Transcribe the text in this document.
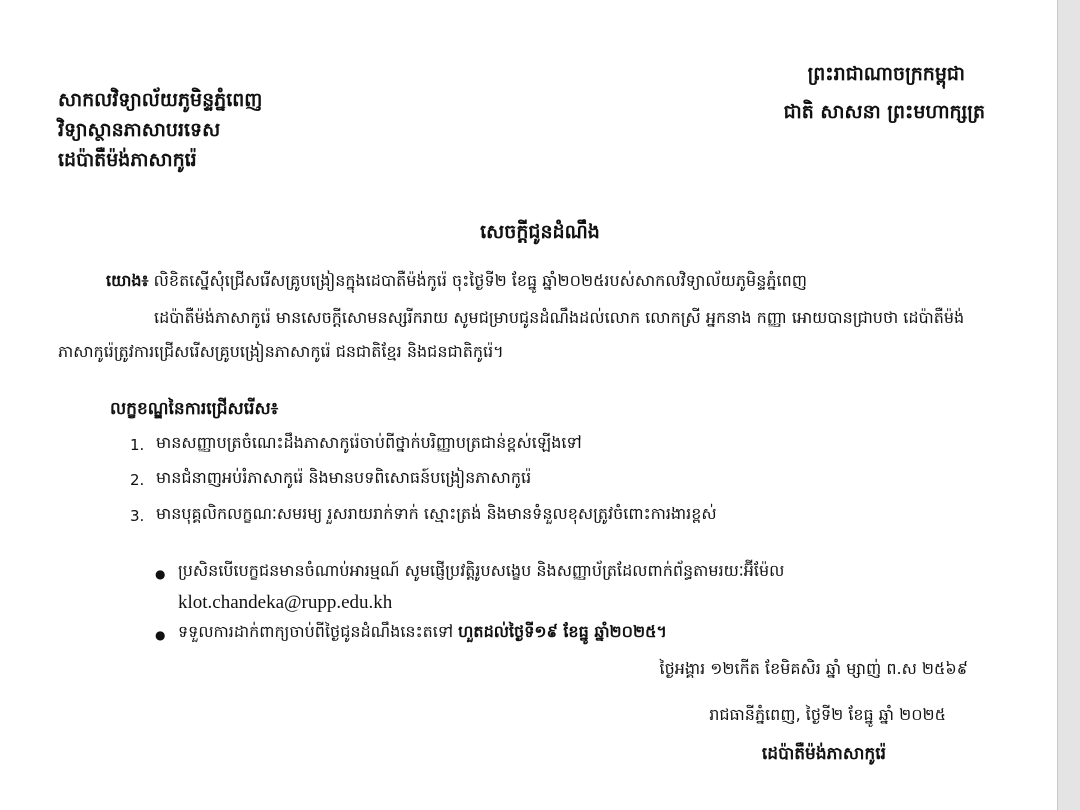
ព្រះរាជាណាចក្រកម្ពុជា
ជាតិ សាសនា ព្រះមហាក្សត្រ
សាកលវិទ្យាល័យភូមិន្ទភ្នំពេញ
វិទ្យាស្ថានភាសាបរទេស
ដេប៉ាតឺម៉ង់ភាសាកូរ៉េ
សេចក្ដីជូនដំណឹង
យោង៖ លិខិតស្នើសុំជ្រើសរើសគ្រូបង្រៀនក្នុងដេបាតឺម៉ង់កូរ៉េ ចុះថ្ងៃទី២ ខែធ្នូ ឆ្នាំ២០២៥របស់សាកលវិទ្យាល័យភូមិន្ទភ្នំពេញ
ដេប៉ាតឺម៉ង់ភាសាកូរ៉េ មានសេចក្ដីសោមនស្សរីករាយ សូមជម្រាបជូនដំណឹងដល់លោក លោកស្រី អ្នកនាង កញ្ញា អោយបានជ្រាបថា ដេប៉ាតឺម៉ង់
ភាសាកូរ៉េត្រូវការជ្រើសរើសគ្រូបង្រៀនភាសាកូរ៉េ ជនជាតិខ្មែរ និងជនជាតិកូរ៉េ។
លក្ខខណ្ឌនៃការជ្រើសរើស៖
1. មានសញ្ញាបត្រចំណេះដឹងភាសាកូរ៉េចាប់ពីថ្នាក់បរិញ្ញាបត្រជាន់ខ្ពស់ឡើងទៅ
2. មានជំនាញអប់រំភាសាកូរ៉េ និងមានបទពិសោធន៍បង្រៀនភាសាកូរ៉េ
3. មានបុគ្គលិកលក្ខណៈសមរម្យ រួសរាយរាក់ទាក់ ស្មោះត្រង់ និងមានទំនួលខុសត្រូវចំពោះការងារខ្ពស់
● ប្រសិនបើបេក្ខជនមានចំណាប់អារម្មណ៍ សូមផ្ញើប្រវត្តិរូបសង្ខេប និងសញ្ញាប័ត្រដែលពាក់ព័ន្ធតាមរយៈអ៊ីម៉ែល
klot.chandeka@rupp.edu.kh
● ទទួលការដាក់ពាក្យចាប់ពីថ្ងៃជូនដំណឹងនេះតទៅ ហួតដល់ថ្ងៃទី១៩ ខែធ្នូ ឆ្នាំ២០២៥។
ថ្ងៃអង្គារ ១២កើត ខែមិគសិរ ឆ្នាំ ម្សាញ់ ព.ស ២៥៦៩
រាជធានីភ្នំពេញ, ថ្ងៃទី២ ខែធ្នូ ឆ្នាំ ២០២៥
ដេប៉ាតឺម៉ង់ភាសាកូរ៉េ
